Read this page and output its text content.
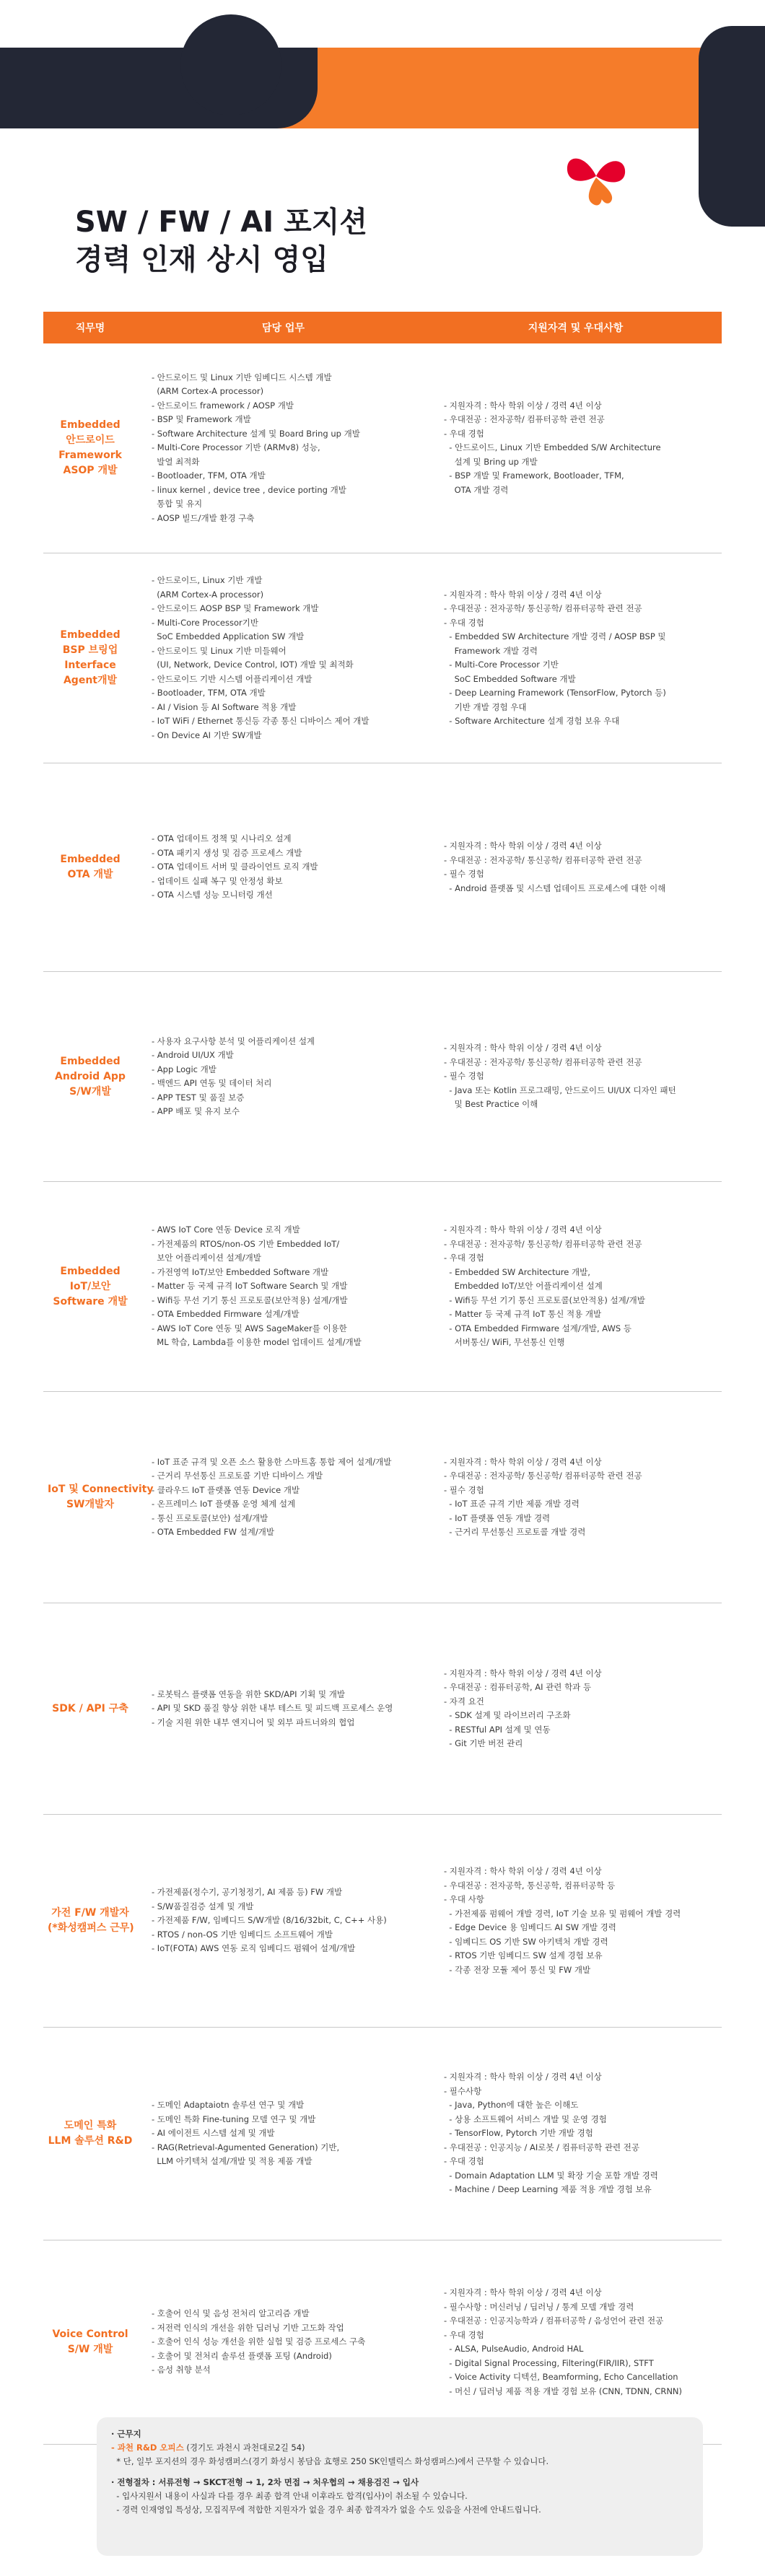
SW / FW / AI 포지션
경력 인재 상시 영입
직무명	담당 업무	지원자격 및 우대사항
Embedded
안드로이드
Framework
ASOP 개발
- 안드로이드 및 Linux 기반 임베디드 시스템 개발
(ARM Cortex-A processor)
- 안드로이드 framework / AOSP 개발
- BSP 및 Framework 개발
- Software Architecture 설계 및 Board Bring up 개발
- Multi-Core Processor 기반 (ARMv8) 성능,
발열 최적화
- Bootloader, TFM, OTA 개발
- linux kernel , device tree , device porting 개발
통합 및 유지
- AOSP 빌드/개발 환경 구축
- 지원자격 : 학사 학위 이상 / 경력 4년 이상
- 우대전공 : 전자공학/ 컴퓨터공학 관련 전공
- 우대 경험
- 안드로이드, Linux 기반 Embedded S/W Architecture
설계 및 Bring up 개발
- BSP 개발 및 Framework, Bootloader, TFM,
OTA 개발 경력
Embedded
BSP 브링업
Interface
Agent개발
- 안드로이드, Linux 기반 개발
(ARM Cortex-A processor)
- 안드로이드 AOSP BSP 및 Framework 개발
- Multi-Core Processor기반
SoC Embedded Application SW 개발
- 안드로이드 및 Linux 기반 미들웨어
(UI, Network, Device Control, IOT) 개발 및 최적화
- 안드로이드 기반 시스템 어플리케이션 개발
- Bootloader, TFM, OTA 개발
- AI / Vision 등 AI Software 적용 개발
- IoT WiFi / Ethernet 통신등 각종 통신 디바이스 제어 개발
- On Device AI 기반 SW개발
- 지원자격 : 학사 학위 이상 / 경력 4년 이상
- 우대전공 : 전자공학/ 통신공학/ 컴퓨터공학 관련 전공
- 우대 경험
- Embedded SW Architecture 개발 경력 / AOSP BSP 및
Framework 개발 경력
- Multi-Core Processor 기반
SoC Embedded Software 개발
- Deep Learning Framework (TensorFlow, Pytorch 등)
기반 개발 경험 우대
- Software Architecture 설계 경험 보유 우대
Embedded
OTA 개발
- OTA 업데이트 정책 및 시나리오 설계
- OTA 패키지 생성 및 검증 프로세스 개발
- OTA 업데이트 서버 및 클라이언트 로직 개발
- 업데이트 실패 복구 및 안정성 확보
- OTA 시스템 성능 모니터링 개선
- 지원자격 : 학사 학위 이상 / 경력 4년 이상
- 우대전공 : 전자공학/ 통신공학/ 컴퓨터공학 관련 전공
- 필수 경험
- Android 플랫폼 및 시스템 업데이트 프로세스에 대한 이해
Embedded
Android App
S/W개발
- 사용자 요구사항 분석 및 어플리케이션 설계
- Android UI/UX 개발
- App Logic 개발
- 백엔드 API 연동 및 데이터 처리
- APP TEST 및 품질 보증
- APP 배포 및 유지 보수
- 지원자격 : 학사 학위 이상 / 경력 4년 이상
- 우대전공 : 전자공학/ 통신공학/ 컴퓨터공학 관련 전공
- 필수 경험
- Java 또는 Kotlin 프로그래밍, 안드로이드 UI/UX 디자인 패턴
및 Best Practice 이해
Embedded
IoT/보안
Software 개발
- AWS IoT Core 연동 Device 로직 개발
- 가전제품의 RTOS/non-OS 기반 Embedded IoT/
보안 어플리케이션 설계/개발
- 가전영역 IoT/보안 Embedded Software 개발
- Matter 등 국제 규격 IoT Software Search 및 개발
- Wifi등 무선 기기 통신 프로토콜(보안적용) 설계/개발
- OTA Embedded Firmware 설계/개발
- AWS IoT Core 연동 및 AWS SageMaker를 이용한
ML 학습, Lambda를 이용한 model 업데이트 설계/개발
- 지원자격 : 학사 학위 이상 / 경력 4년 이상
- 우대전공 : 전자공학/ 통신공학/ 컴퓨터공학 관련 전공
- 우대 경험
- Embedded SW Architecture 개발,
Embedded IoT/보안 어플리케이션 설계
- Wifi등 무선 기기 통신 프로토콜(보안적용) 설계/개발
- Matter 등 국제 규격 IoT 통신 적용 개발
- OTA Embedded Firmware 설계/개발, AWS 등
서버통신/ WiFi, 무선통신 인행
IoT 및 Connectivity
SW개발자
- IoT 표준 규격 및 오픈 소스 활용한 스마트홈 통합 제어 설계/개발
- 근거리 무선통신 프로토콜 기반 디바이스 개발
- 클라우드 IoT 플랫폼 연동 Device 개발
- 온프레미스 IoT 플랫폼 운영 체계 설계
- 통신 프로토콜(보안) 설계/개발
- OTA Embedded FW 설계/개발
- 지원자격 : 학사 학위 이상 / 경력 4년 이상
- 우대전공 : 전자공학/ 통신공학/ 컴퓨터공학 관련 전공
- 필수 경험
- IoT 표준 규격 기반 제품 개발 경력
- IoT 플랫폼 연동 개발 경력
- 근거리 무선통신 프로토콜 개발 경력
SDK / API 구축
- 로봇틱스 플랫폼 연동을 위한 SKD/API 기획 및 개발
- API 및 SKD 품질 향상 위한 내부 테스트 및 피드백 프로세스 운영
- 기술 지원 위한 내부 엔지니어 및 외부 파트너와의 협업
- 지원자격 : 학사 학위 이상 / 경력 4년 이상
- 우대전공 : 컴퓨터공학, AI 관련 학과 등
- 자격 요건
- SDK 설계 및 라이브러리 구조화
- RESTful API 설계 및 연동
- Git 기반 버전 관리
가전 F/W 개발자
(*화성캠퍼스 근무)
- 가전제품(정수기, 공기청정기, AI 제품 등) FW 개발
- S/W품질검증 설계 및 개발
- 가전제품 F/W, 임베디드 S/W개발 (8/16/32bit, C, C++ 사용)
- RTOS / non-OS 기반 임베디드 소프트웨어 개발
- IoT(FOTA) AWS 연동 로직 임베디드 펌웨어 설계/개발
- 지원자격 : 학사 학위 이상 / 경력 4년 이상
- 우대전공 : 전자공학, 통신공학, 컴퓨터공학 등
- 우대 사항
- 가전제품 펌웨어 개발 경력, IoT 기술 보유 및 펌웨어 개발 경력
- Edge Device 용 임베디드 AI SW 개발 경력
- 임베디드 OS 기반 SW 아키텍처 개발 경력
- RTOS 기반 임베디드 SW 설계 경험 보유
- 각종 전장 모듈 제어 통신 및 FW 개발
도메인 특화
LLM 솔루션 R&D
- 도메인 Adaptaiotn 솔루션 연구 및 개발
- 도메인 특화 Fine-tuning 모델 연구 및 개발
- AI 에이전트 시스템 설계 및 개발
- RAG(Retrieval-Agumented Generation) 기반,
LLM 아키텍처 설계/개발 및 적용 제품 개발
- 지원자격 : 학사 학위 이상 / 경력 4년 이상
- 필수사항
- Java, Python에 대한 높은 이해도
- 상용 소프트웨어 서비스 개발 및 운영 경험
- TensorFlow, Pytorch 기반 개발 경험
- 우대전공 : 인공지능 / AI로봇 / 컴퓨터공학 관련 전공
- 우대 경험
- Domain Adaptation LLM 및 확장 기술 포함 개발 경력
- Machine / Deep Learning 제품 적용 개발 경험 보유
Voice Control
S/W 개발
- 호출어 인식 및 음성 전처리 알고리즘 개발
- 저전력 인식의 개선을 위한 딥러닝 기반 고도화 작업
- 호출어 인식 성능 개선을 위한 실험 및 검증 프로세스 구축
- 호출어 및 전처리 솔루션 플랫폼 포팅 (Android)
- 음성 취향 분석
- 지원자격 : 학사 학위 이상 / 경력 4년 이상
- 필수사항 : 머신러닝 / 딥러닝 / 통계 모델 개발 경력
- 우대전공 : 인공지능학과 / 컴퓨터공학 / 음성언어 관련 전공
- 우대 경험
- ALSA, PulseAudio, Android HAL
- Digital Signal Processing, Filtering(FIR/IIR), STFT
- Voice Activity 디텍션, Beamforming, Echo Cancellation
- 머신 / 딥러닝 제품 적용 개발 경험 보유 (CNN, TDNN, CRNN)

· 근무지

- 과천 R&D 오피스 (경기도 과천시 과천대로2길 54)

* 단, 일부 포지션의 경우 화성캠퍼스(경기 화성시 봉담읍 효행로 250 SK인텔릭스 화성캠퍼스)에서 근무할 수 있습니다.

· 전형절차 : 서류전형 → SKCT전형 → 1, 2차 면접 → 처우협의 → 채용검진 → 입사

- 입사지원서 내용이 사실과 다를 경우 최종 합격 안내 이후라도 합격(입사)이 취소될 수 있습니다.

- 경력 인재영입 특성상, 모집직무에 적합한 지원자가 없을 경우 최종 합격자가 없을 수도 있음을 사전에 안내드립니다.
